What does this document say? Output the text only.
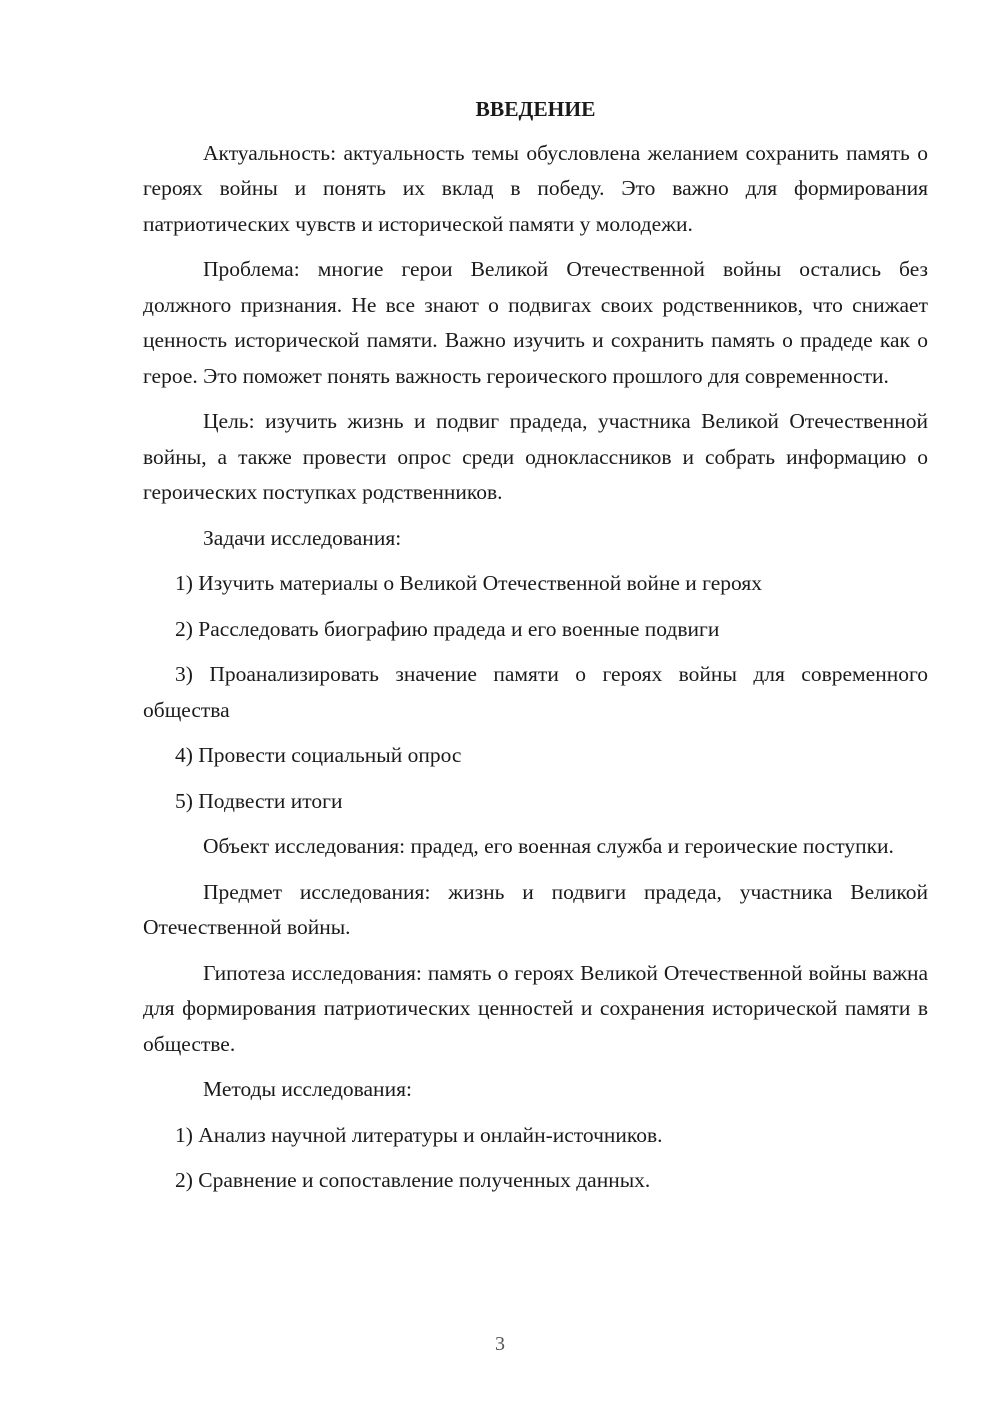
ВВЕДЕНИЕ

Актуальность: актуальность темы обусловлена желанием сохранить память о героях войны и понять их вклад в победу. Это важно для формирования патриотических чувств и исторической памяти у молодежи.

Проблема: многие герои Великой Отечественной войны остались без должного признания. Не все знают о подвигах своих родственников, что снижает ценность исторической памяти. Важно изучить и сохранить память о прадеде как о герое. Это поможет понять важность героического прошлого для современности.

Цель: изучить жизнь и подвиг прадеда, участника Великой Отечественной войны, а также провести опрос среди одноклассников и собрать информацию о героических поступках родственников.

Задачи исследования:

1) Изучить материалы о Великой Отечественной войне и героях

2) Расследовать биографию прадеда и его военные подвиги

3) Проанализировать значение памяти о героях войны для современного общества

4) Провести социальный опрос

5) Подвести итоги

Объект исследования: прадед, его военная служба и героические поступки.

Предмет исследования: жизнь и подвиги прадеда, участника Великой Отечественной войны.

Гипотеза исследования: память о героях Великой Отечественной войны важна для формирования патриотических ценностей и сохранения исторической памяти в обществе.

Методы исследования:

1) Анализ научной литературы и онлайн-источников.

2) Сравнение и сопоставление полученных данных.

3
